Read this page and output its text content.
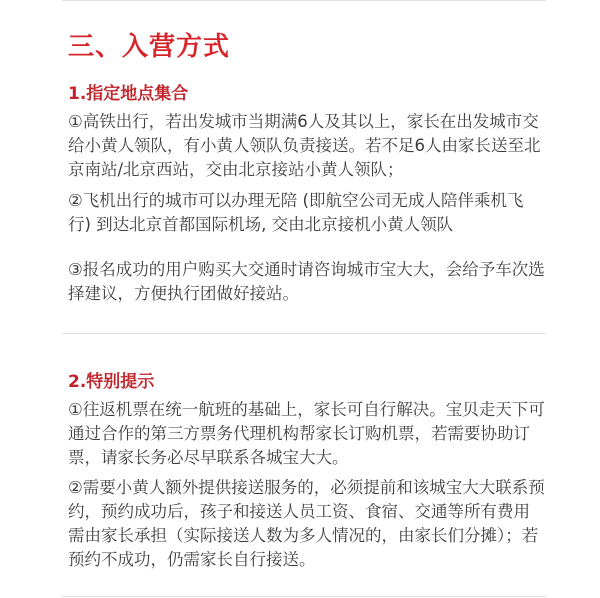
三、入营方式
1.指定地点集合

①高铁出行，若出发城市当期满6人及其以上，家长在出发城市交给小黄人领队，有小黄人领队负责接送。若不足6人由家长送至北京南站/北京西站，交由北京接站小黄人领队；

②飞机出行的城市可以办理无陪 (即航空公司无成人陪伴乘机飞行) 到达北京首都国际机场, 交由北京接机小黄人领队

③报名成功的用户购买大交通时请咨询城市宝大大，会给予车次选择建议，方便执行团做好接站。

2.特别提示

①往返机票在统一航班的基础上，家长可自行解决。宝贝走天下可通过合作的第三方票务代理机构帮家长订购机票，若需要协助订票，请家长务必尽早联系各城宝大大。

②需要小黄人额外提供接送服务的，必须提前和该城宝大大联系预约，预约成功后，孩子和接送人员工资、食宿、交通等所有费用需由家长承担（实际接送人数为多人情况的，由家长们分摊）；若预约不成功，仍需家长自行接送。
